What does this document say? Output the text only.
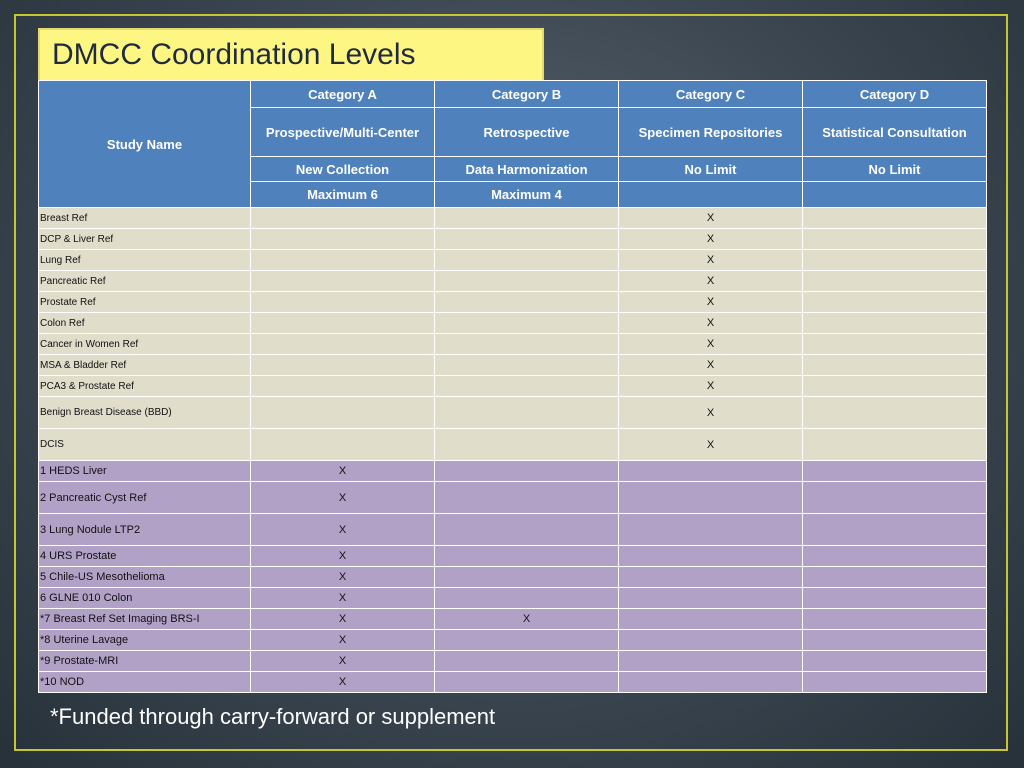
DMCC Coordination Levels
Study Name	Category A	Category B	Category C	Category D
	Prospective/Multi-Center	Retrospective	Specimen Repositories	Statistical Consultation
	New Collection	Data Harmonization	No Limit	No Limit
	Maximum 6	Maximum 4		
Breast Ref			X	
DCP & Liver Ref			X	
Lung Ref			X	
Pancreatic Ref			X	
Prostate Ref			X	
Colon Ref			X	
Cancer in Women Ref			X	
MSA & Bladder Ref			X	
PCA3 & Prostate Ref			X	
Benign Breast Disease (BBD)			X	
DCIS			X	
1 HEDS Liver	X			
2 Pancreatic Cyst Ref	X			
3 Lung Nodule LTP2	X			
4 URS Prostate	X			
5 Chile-US Mesothelioma	X			
6 GLNE 010 Colon	X			
*7 Breast Ref Set Imaging BRS-I	X	X		
*8 Uterine Lavage	X			
*9 Prostate-MRI	X			
*10 NOD	X			
*Funded through carry-forward or supplement
